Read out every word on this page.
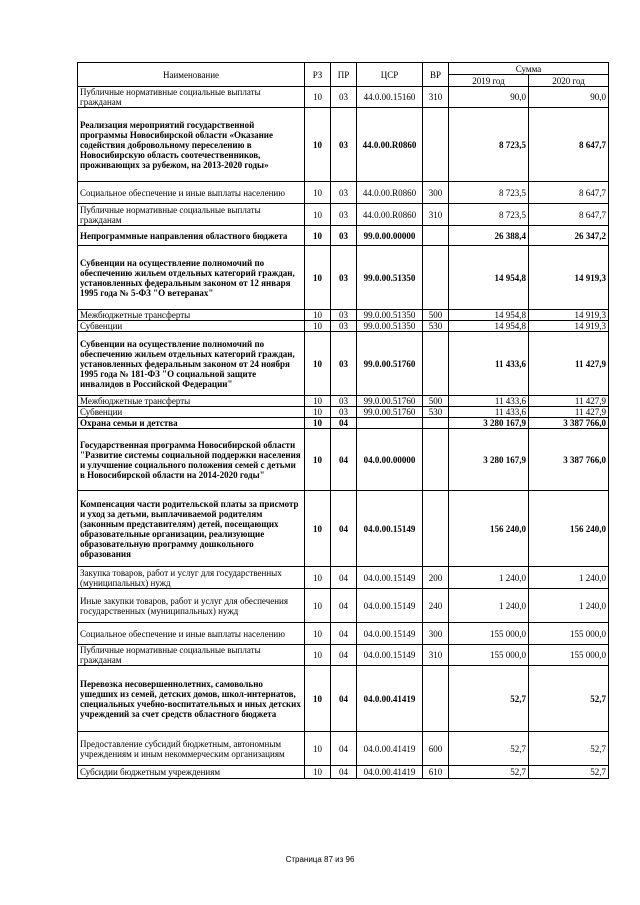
Наименование	РЗ	ПР	ЦСР	ВР	Сумма	
					2019 год	2020 год
Публичные нормативные социальные выплаты гражданам	10	03	44.0.00.15160	310	90,0	90,0
Реализация мероприятий государственной программы Новосибирской области «Оказание содействия добровольному переселению в Новосибирскую область соотечественников, проживающих за рубежом, на 2013-2020 годы»	10	03	44.0.00.R0860		8 723,5	8 647,7
Социальное обеспечение и иные выплаты населению	10	03	44.0.00.R0860	300	8 723,5	8 647,7
Публичные нормативные социальные выплаты гражданам	10	03	44.0.00.R0860	310	8 723,5	8 647,7
Непрограммные направления областного бюджета	10	03	99.0.00.00000		26 388,4	26 347,2
Субвенции на осуществление полномочий по обеспечению жильем отдельных категорий граждан, установленных федеральным законом от 12 января 1995 года № 5-ФЗ "О ветеранах"	10	03	99.0.00.51350		14 954,8	14 919,3
Межбюджетные трансферты	10	03	99.0.00.51350	500	14 954,8	14 919,3
Субвенции	10	03	99.0.00.51350	530	14 954,8	14 919,3
Субвенции на осуществление полномочий по обеспечению жильем отдельных категорий граждан, установленных федеральным законом от 24 ноября 1995 года № 181-ФЗ "О социальной защите инвалидов в Российской Федерации"	10	03	99.0.00.51760		11 433,6	11 427,9
Межбюджетные трансферты	10	03	99.0.00.51760	500	11 433,6	11 427,9
Субвенции	10	03	99.0.00.51760	530	11 433,6	11 427,9
Охрана семьи и детства	10	04			3 280 167,9	3 387 766,0
Государственная программа Новосибирской области "Развитие системы социальной поддержки населения и улучшение социального положения семей с детьми в Новосибирской области на 2014-2020 годы"	10	04	04.0.00.00000		3 280 167,9	3 387 766,0
Компенсация части родительской платы за присмотр и уход за детьми, выплачиваемой родителям (законным представителям) детей, посещающих образовательные организации, реализующие образовательную программу дошкольного образования	10	04	04.0.00.15149		156 240,0	156 240,0
Закупка товаров, работ и услуг для государственных (муниципальных) нужд	10	04	04.0.00.15149	200	1 240,0	1 240,0
Иные закупки товаров, работ и услуг для обеспечения государственных (муниципальных) нужд	10	04	04.0.00.15149	240	1 240,0	1 240,0
Социальное обеспечение и иные выплаты населению	10	04	04.0.00.15149	300	155 000,0	155 000,0
Публичные нормативные социальные выплаты гражданам	10	04	04.0.00.15149	310	155 000,0	155 000,0
Перевозка несовершеннолетних, самовольно ушедших из семей, детских домов, школ-интернатов, специальных учебно-воспитательных и иных детских учреждений за счет средств областного бюджета	10	04	04.0.00.41419		52,7	52,7
Предоставление субсидий бюджетным, автономным учреждениям и иным некоммерческим организациям	10	04	04.0.00.41419	600	52,7	52,7
Субсидии бюджетным учреждениям	10	04	04.0.00.41419	610	52,7	52,7
Страница 87 из 96
